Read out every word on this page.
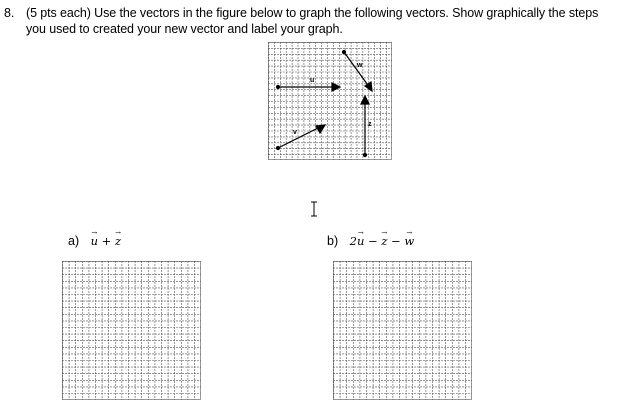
8. (5 pts each) Use the vectors in the figure below to graph the following vectors. Show graphically the steps you used to created your new vector and label your graph.
w
u
z
v
a) → u + → z	b) 2→ u − → z − → w
